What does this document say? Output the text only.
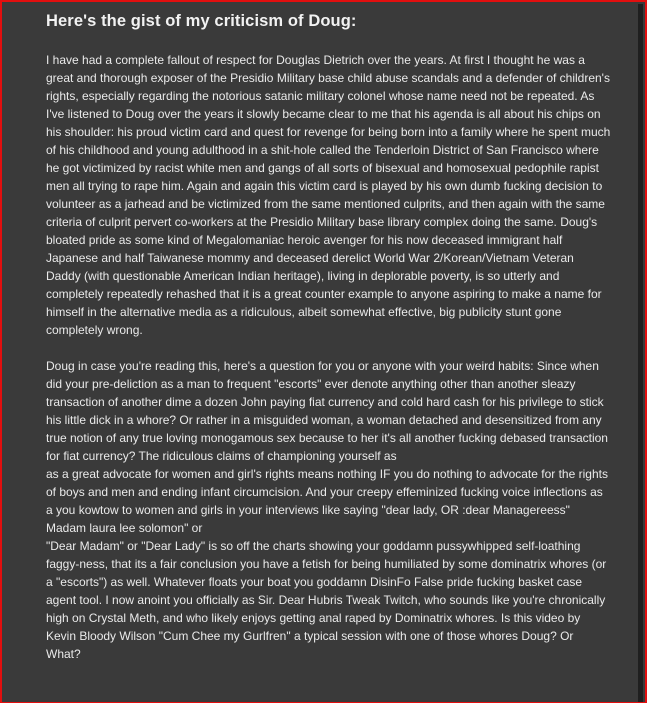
Here's the gist of my criticism of Doug:

I have had a complete fallout of respect for Douglas Dietrich over the years. At first I thought he was a great and thorough exposer of the Presidio Military base child abuse scandals and a defender of children's rights, especially regarding the notorious satanic military colonel whose name need not be repeated. As I've listened to Doug over the years it slowly became clear to me that his agenda is all about his chips on his shoulder: his proud victim card and quest for revenge for being born into a family where he spent much of his childhood and young adulthood in a shit-hole called the Tenderloin District of San Francisco where he got victimized by racist white men and gangs of all sorts of bisexual and homosexual pedophile rapist men all trying to rape him. Again and again this victim card is played by his own dumb fucking decision to volunteer as a jarhead and be victimized from the same mentioned culprits, and then again with the same criteria of culprit pervert co-workers at the Presidio Military base library complex doing the same. Doug's bloated pride as some kind of Megalomaniac heroic avenger for his now deceased immigrant half Japanese and half Taiwanese mommy and deceased derelict World War 2/Korean/Vietnam Veteran Daddy (with questionable American Indian heritage), living in deplorable poverty, is so utterly and completely repeatedly rehashed that it is a great counter example to anyone aspiring to make a name for himself in the alternative media as a ridiculous, albeit somewhat effective, big publicity stunt gone completely wrong.

Doug in case you're reading this, here's a question for you or anyone with your weird habits: Since when did your pre-deliction as a man to frequent "escorts" ever denote anything other than another sleazy transaction of another dime a dozen John paying fiat currency and cold hard cash for his privilege to stick his little dick in a whore? Or rather in a misguided woman, a woman detached and desensitized from any true notion of any true loving monogamous sex because to her it's all another fucking debased transaction for fiat currency? The ridiculous claims of championing yourself as
as a great advocate for women and girl's rights means nothing IF you do nothing to advocate for the rights of boys and men and ending infant circumcision. And your creepy effeminized fucking voice inflections as a you kowtow to women and girls in your interviews like saying "dear lady, OR :dear Managereess" Madam laura lee solomon" or
"Dear Madam" or "Dear Lady" is so off the charts showing your goddamn pussywhipped self-loathing faggy-ness, that its a fair conclusion you have a fetish for being humiliated by some dominatrix whores (or a "escorts") as well. Whatever floats your boat you goddamn DisinFo False pride fucking basket case agent tool. I now anoint you officially as Sir. Dear Hubris Tweak Twitch, who sounds like you're chronically high on Crystal Meth, and who likely enjoys getting anal raped by Dominatrix whores. Is this video by Kevin Bloody Wilson "Cum Chee my Gurlfren" a typical session with one of those whores Doug? Or What?
